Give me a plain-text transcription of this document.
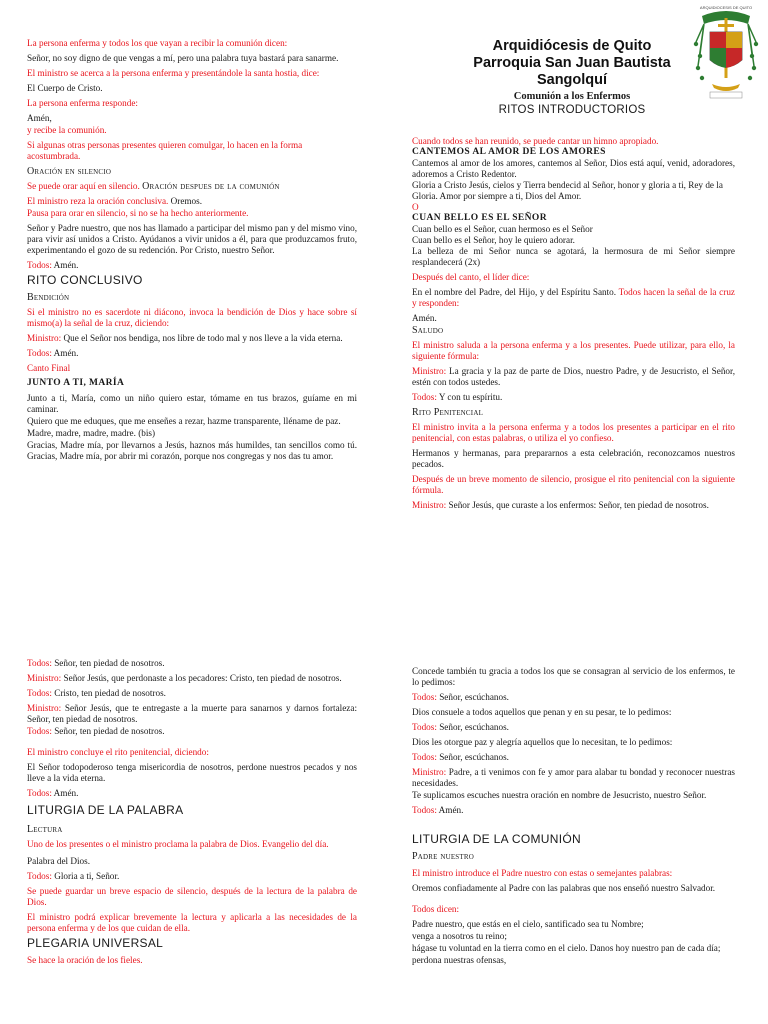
ARQUIDIOCESIS DE QUITO
Arquidiócesis de Quito
Parroquia San Juan Bautista
Sangolquí
Comunión a los Enfermos
RITOS INTRODUCTORIOS

La persona enferma y todos los que vayan a recibir la comunión dicen:

Señor, no soy digno de que vengas a mí, pero una palabra tuya bastará para sanarme.

El ministro se acerca a la persona enferma y presentándole la santa hostia, dice:

El Cuerpo de Cristo.

La persona enferma responde:

Amén,

y recibe la comunión.

Si algunas otras personas presentes quieren comulgar, lo hacen en la forma acostumbrada.

Oración en silencio

Se puede orar aquí en silencio. Oración despues de la comunión

El ministro reza la oración conclusiva. Oremos.

Pausa para orar en silencio, si no se ha hecho anteriormente.

Señor y Padre nuestro, que nos has llamado a participar del mismo pan y del mismo vino, para vivir así unidos a Cristo. Ayúdanos a vivir unidos a él, para que produzcamos fruto, experimentando el gozo de su redención. Por Cristo, nuestro Señor.

Todos: Amén.

RITO CONCLUSIVO

Bendición

Si el ministro no es sacerdote ni diácono, invoca la bendición de Dios y hace sobre sí mismo(a) la señal de la cruz, diciendo:

Ministro: Que el Señor nos bendiga, nos libre de todo mal y nos lleve a la vida eterna.

Todos: Amén.

Canto Final

JUNTO A TI, MARÍA

Junto a ti, María, como un niño quiero estar, tómame en tus brazos, guíame en mi caminar.

Quiero que me eduques, que me enseñes a rezar, hazme transparente, lléname de paz.

Madre, madre, madre, madre. (bis)

Gracias, Madre mía, por llevarnos a Jesús, haznos más humildes, tan sencillos como tú. Gracias, Madre mía, por abrir mi corazón, porque nos congregas y nos das tu amor.

Cuando todos se han reunido, se puede cantar un himno apropiado.

CANTEMOS AL AMOR DE LOS AMORES

Cantemos al amor de los amores, cantemos al Señor, Dios está aquí, venid, adoradores, adoremos a Cristo Redentor.

Gloria a Cristo Jesús, cielos y Tierra bendecid al Señor, honor y gloria a ti, Rey de la Gloria. Amor por siempre a ti, Dios del Amor.

O

CUAN BELLO ES EL SEÑOR

Cuan bello es el Señor, cuan hermoso es el Señor

Cuan bello es el Señor, hoy le quiero adorar.

La belleza de mi Señor nunca se agotará, la hermosura de mi Señor siempre resplandecerá (2x)

Después del canto, el líder dice:

En el nombre del Padre, del Hijo, y del Espíritu Santo. Todos hacen la señal de la cruz y responden:

Amén.

Saludo

El ministro saluda a la persona enferma y a los presentes. Puede utilizar, para ello, la siguiente fórmula:

Ministro: La gracia y la paz de parte de Dios, nuestro Padre, y de Jesucristo, el Señor, estén con todos ustedes.

Todos: Y con tu espíritu.

Rito Penitencial

El ministro invita a la persona enferma y a todos los presentes a participar en el rito penitencial, con estas palabras, o utiliza el yo confieso.

Hermanos y hermanas, para prepararnos a esta celebración, reconozcamos nuestros pecados.

Después de un breve momento de silencio, prosigue el rito penitencial con la siguiente fórmula.

Ministro: Señor Jesús, que curaste a los enfermos: Señor, ten piedad de nosotros.

Todos: Señor, ten piedad de nosotros.

Ministro: Señor Jesús, que perdonaste a los pecadores: Cristo, ten piedad de nosotros.

Todos: Cristo, ten piedad de nosotros.

Ministro: Señor Jesús, que te entregaste a la muerte para sanarnos y darnos fortaleza: Señor, ten piedad de nosotros.

Todos: Señor, ten piedad de nosotros.

El ministro concluye el rito penitencial, diciendo:

El Señor todopoderoso tenga misericordia de nosotros, perdone nuestros pecados y nos lleve a la vida eterna.

Todos: Amén.

LITURGIA DE LA PALABRA

Lectura

Uno de los presentes o el ministro proclama la palabra de Dios. Evangelio del día.

Palabra del Dios.

Todos: Gloria a ti, Señor.

Se puede guardar un breve espacio de silencio, después de la lectura de la palabra de Dios.

El ministro podrá explicar brevemente la lectura y aplicarla a las necesidades de la persona enferma y de los que cuidan de ella.

PLEGARIA UNIVERSAL

Se hace la oración de los fieles.

Concede también tu gracia a todos los que se consagran al servicio de los enfermos, te lo pedimos:

Todos: Señor, escúchanos.

Dios consuele a todos aquellos que penan y en su pesar, te lo pedimos:

Todos: Señor, escúchanos.

Dios les otorgue paz y alegría aquellos que lo necesitan, te lo pedimos:

Todos: Señor, escúchanos.

Ministro: Padre, a ti venimos con fe y amor para alabar tu bondad y reconocer nuestras necesidades.

Te suplicamos escuches nuestra oración en nombre de Jesucristo, nuestro Señor.

Todos: Amén.

LITURGIA DE LA COMUNIÓN

Padre nuestro

El ministro introduce el Padre nuestro con estas o semejantes palabras:

Oremos confiadamente al Padre con las palabras que nos enseñó nuestro Salvador.

Todos dicen:

Padre nuestro, que estás en el cielo, santificado sea tu Nombre;

venga a nosotros tu reino;

hágase tu voluntad en la tierra como en el cielo. Danos hoy nuestro pan de cada día;

perdona nuestras ofensas,
